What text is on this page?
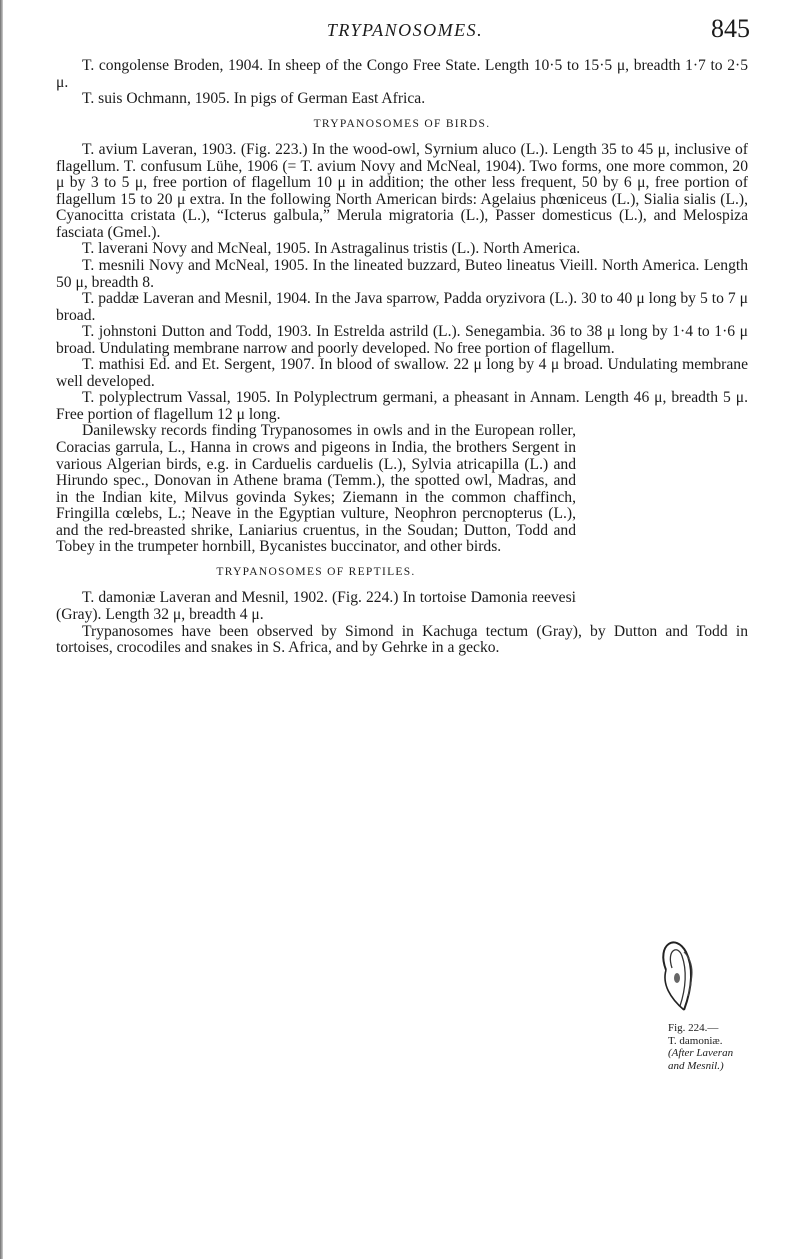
TRYPANOSOMES.	845

T. congolense Broden, 1904. In sheep of the Congo Free State. Length 10·5 to 15·5 μ, breadth 1·7 to 2·5 μ.

T. suis Ochmann, 1905. In pigs of German East Africa.

TRYPANOSOMES OF BIRDS.

T. avium Laveran, 1903. (Fig. 223.) In the wood-owl, Syrnium aluco (L.). Length 35 to 45 μ, inclusive of flagellum. T. confusum Lühe, 1906 (= T. avium Novy and McNeal, 1904). Two forms, one more common, 20 μ by 3 to 5 μ, free portion of flagellum 10 μ in addition; the other less frequent, 50 by 6 μ, free portion of flagellum 15 to 20 μ extra. In the following North American birds: Agelaius phœniceus (L.), Sialia sialis (L.), Cyanocitta cristata (L.), “Icterus galbula,” Merula migratoria (L.), Passer domesticus (L.), and Melospiza fasciata (Gmel.).

T. laverani Novy and McNeal, 1905. In Astragalinus tristis (L.). North America.

T. mesnili Novy and McNeal, 1905. In the lineated buzzard, Buteo lineatus Vieill. North America. Length 50 μ, breadth 8.

T. paddæ Laveran and Mesnil, 1904. In the Java sparrow, Padda oryzivora (L.). 30 to 40 μ long by 5 to 7 μ broad.

T. johnstoni Dutton and Todd, 1903. In Estrelda astrild (L.). Senegambia. 36 to 38 μ long by 1·4 to 1·6 μ broad. Undulating membrane narrow and poorly developed. No free portion of flagellum.

T. mathisi Ed. and Et. Sergent, 1907. In blood of swallow. 22 μ long by 4 μ broad. Undulating membrane well developed.

T. polyplectrum Vassal, 1905. In Polyplectrum germani, a pheasant in Annam. Length 46 μ, breadth 5 μ. Free portion of flagellum 12 μ long.

Danilewsky records finding Trypanosomes in owls and in the European roller, Coracias garrula, L., Hanna in crows and pigeons in India, the brothers Sergent in various Algerian birds, e.g. in Carduelis carduelis (L.), Sylvia atricapilla (L.) and Hirundo spec., Donovan in Athene brama (Temm.), the spotted owl, Madras, and in the Indian kite, Milvus govinda Sykes; Ziemann in the common chaffinch, Fringilla cœlebs, L.; Neave in the Egyptian vulture, Neophron percnopterus (L.), and the red-breasted shrike, Laniarius cruentus, in the Soudan; Dutton, Todd and Tobey in the trumpeter hornbill, Bycanistes buccinator, and other birds.

TRYPANOSOMES OF REPTILES.

T. damoniæ Laveran and Mesnil, 1902. (Fig. 224.) In tortoise Damonia reevesi (Gray). Length 32 μ, breadth 4 μ.

Trypanosomes have been observed by Simond in Kachuga tectum (Gray), by Dutton and Todd in tortoises, crocodiles and snakes in S. Africa, and by Gehrke in a gecko.

Fig. 224.—
T. damoniæ.
(After Laveran and Mesnil.)
